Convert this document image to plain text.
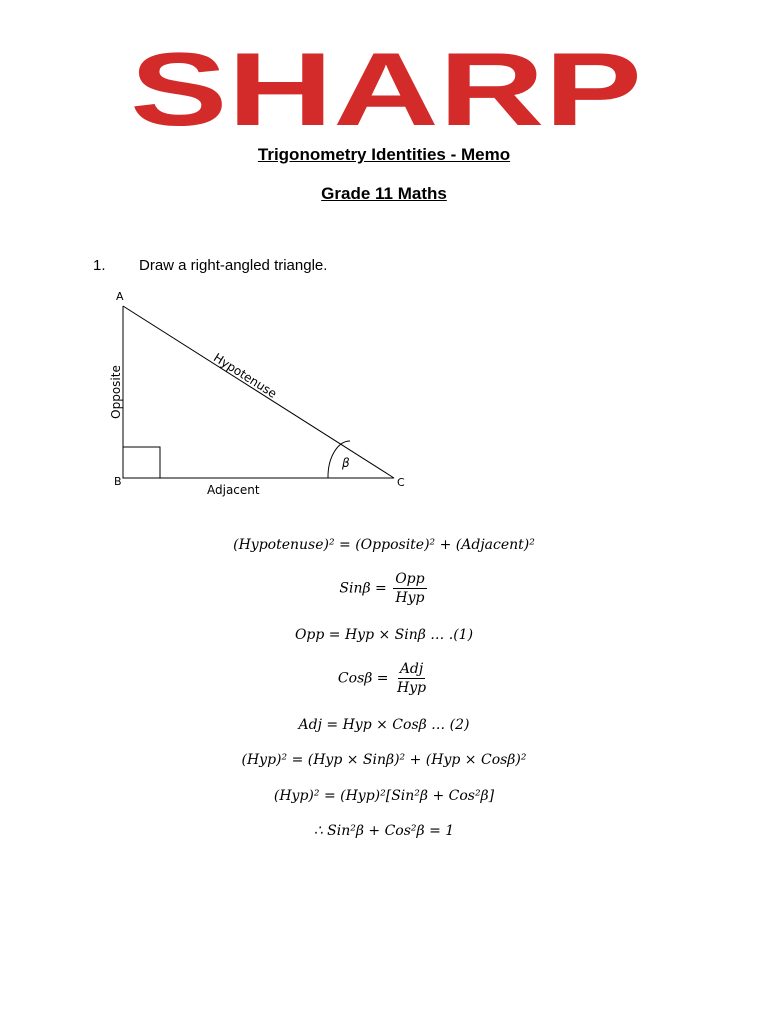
SHARP
Trigonometry Identities - Memo
Grade 11 Maths
1. Draw a right-angled triangle.
A
B	C
Opposite	Hypotenuse
Adjacent
β
(Hypotenuse)² = (Opposite)² + (Adjacent)²
$Sin\beta = \frac{\text{Opp}}{\text{Hyp}}$
Opp = Hyp × Sinβ … .(1)
$Cos\beta = \frac{\text{Adj}}{\text{Hyp}}$
Adj = Hyp × Cosβ … (2)
(Hyp)² = (Hyp × Sinβ)² + (Hyp × Cosβ)²
(Hyp)² = (Hyp)²[Sin²β + Cos²β]
∴ Sin²β + Cos²β = 1
